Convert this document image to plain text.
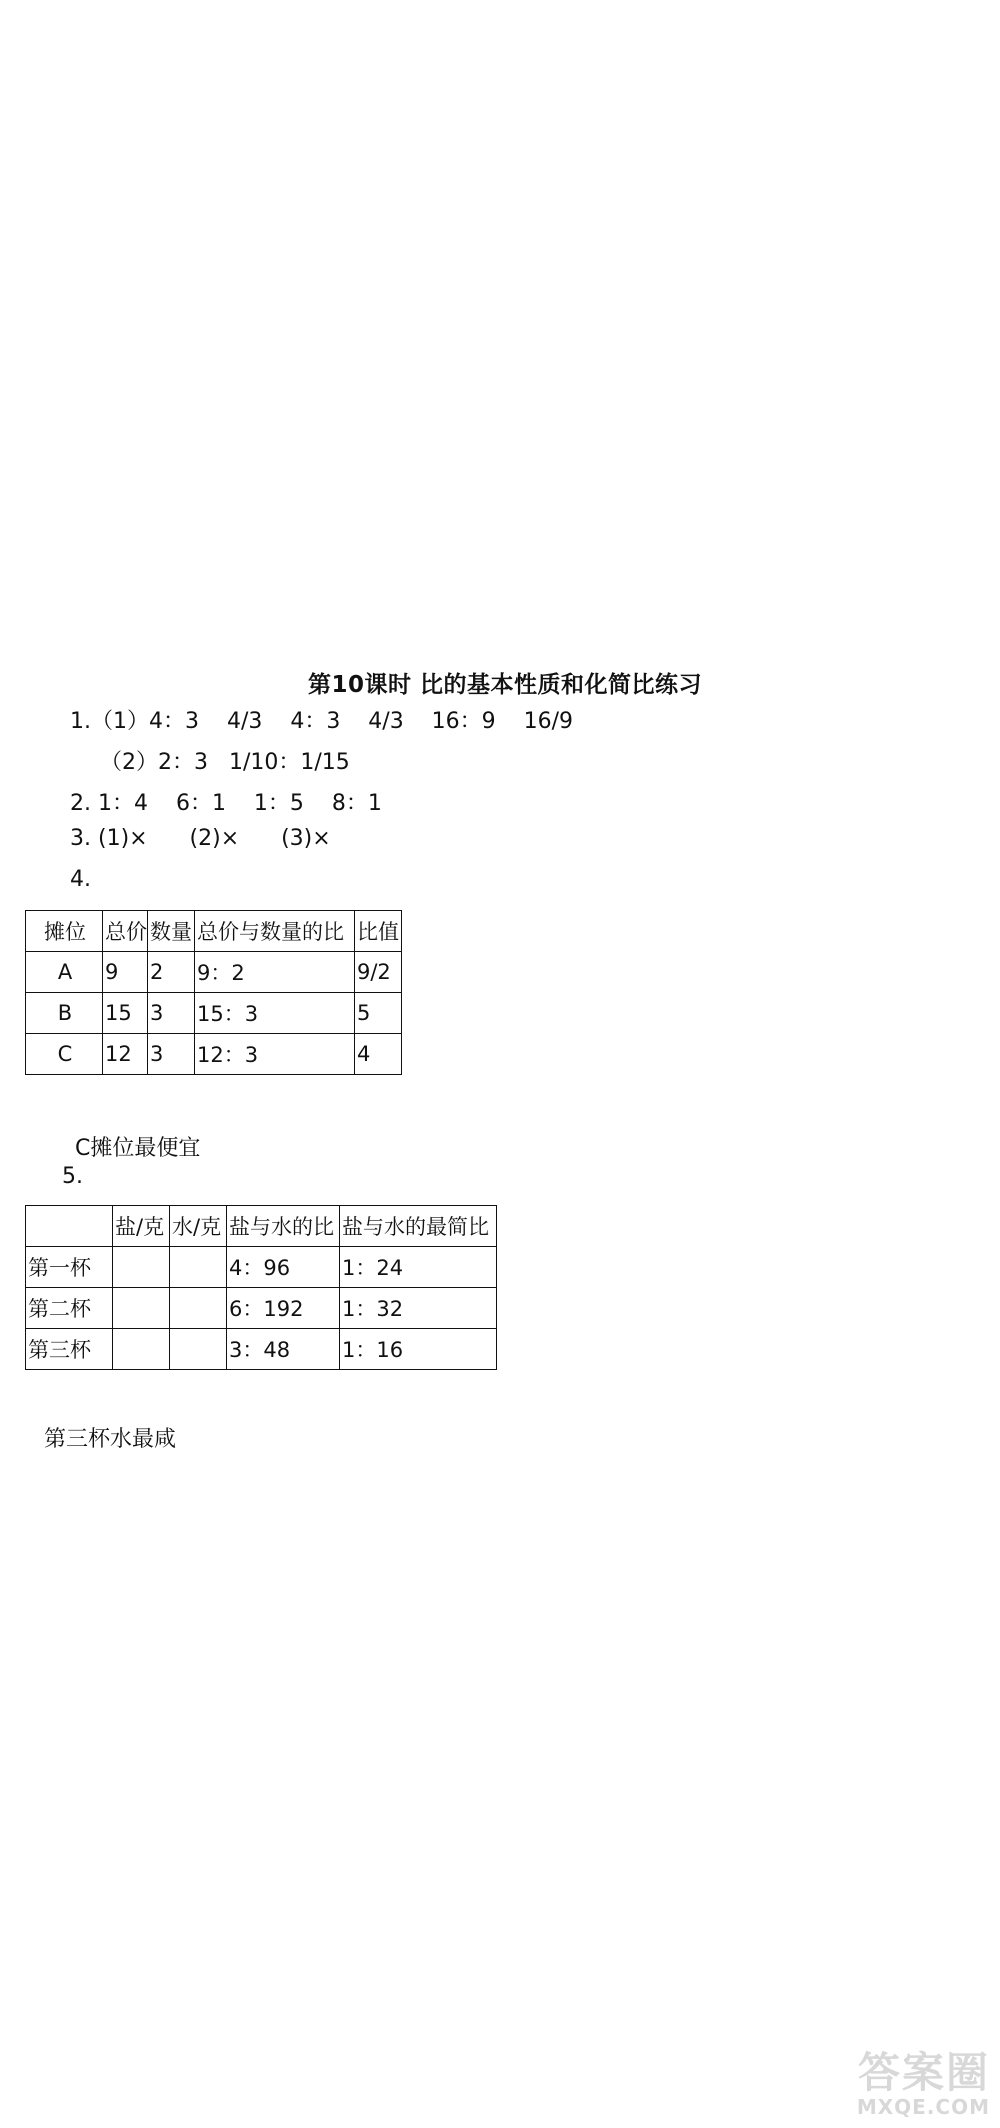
第10课时 比的基本性质和化简比练习
1.（1）4：3    4/3    4：3    4/3    16：9    16/9
（2）2：3   1/10：1/15
2. 1：4    6：1    1：5    8：1
3. (1)×      (2)×      (3)×
4.
摊位	总价	数量	总价与数量的比	比值
A	9	2	9：2	9/2
B	15	3	15：3	5
C	12	3	12：3	4
C摊位最便宜
5.
	盐/克	水/克	盐与水的比	盐与水的最简比
第一杯			4：96	1：24
第二杯			6：192	1：32
第三杯			3：48	1：16
第三杯水最咸
答案圈
MXQE.COM
